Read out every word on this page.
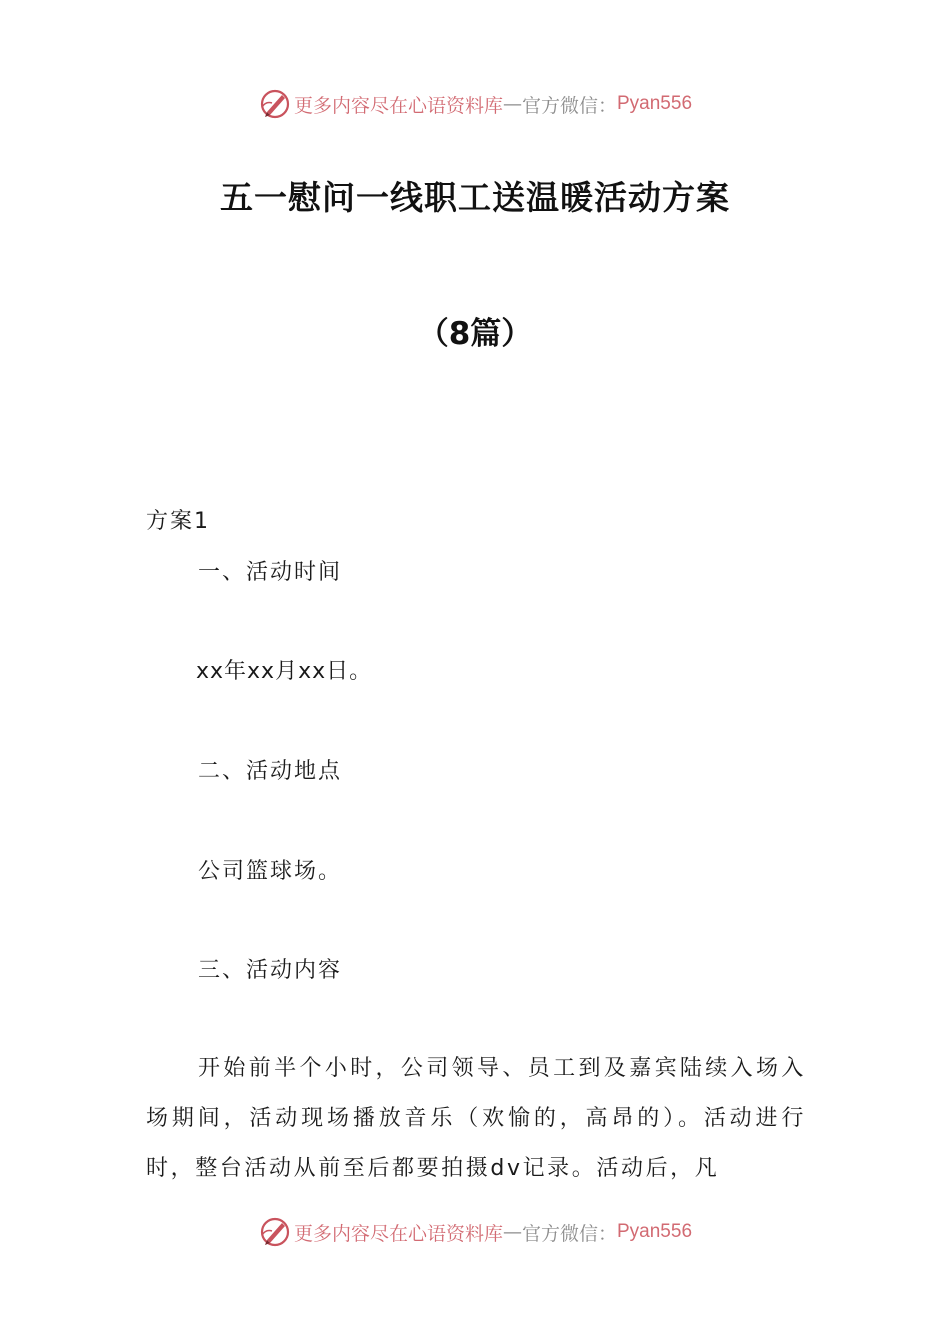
更多内容尽在心语资料库 — 官方微信： Pyan556
五一慰问一线职工送温暖活动方案
（8篇）
方案1
一、活动时间
xx年xx月xx日。
二、活动地点
公司篮球场。
三、活动内容
开始前半个小时，公司领导、员工到及嘉宾陆续入场入场期间，活动现场播放音乐（欢愉的，高昂的）。活动进行时，整台活动从前至后都要拍摄dv记录。活动后，凡
更多内容尽在心语资料库 — 官方微信： Pyan556
